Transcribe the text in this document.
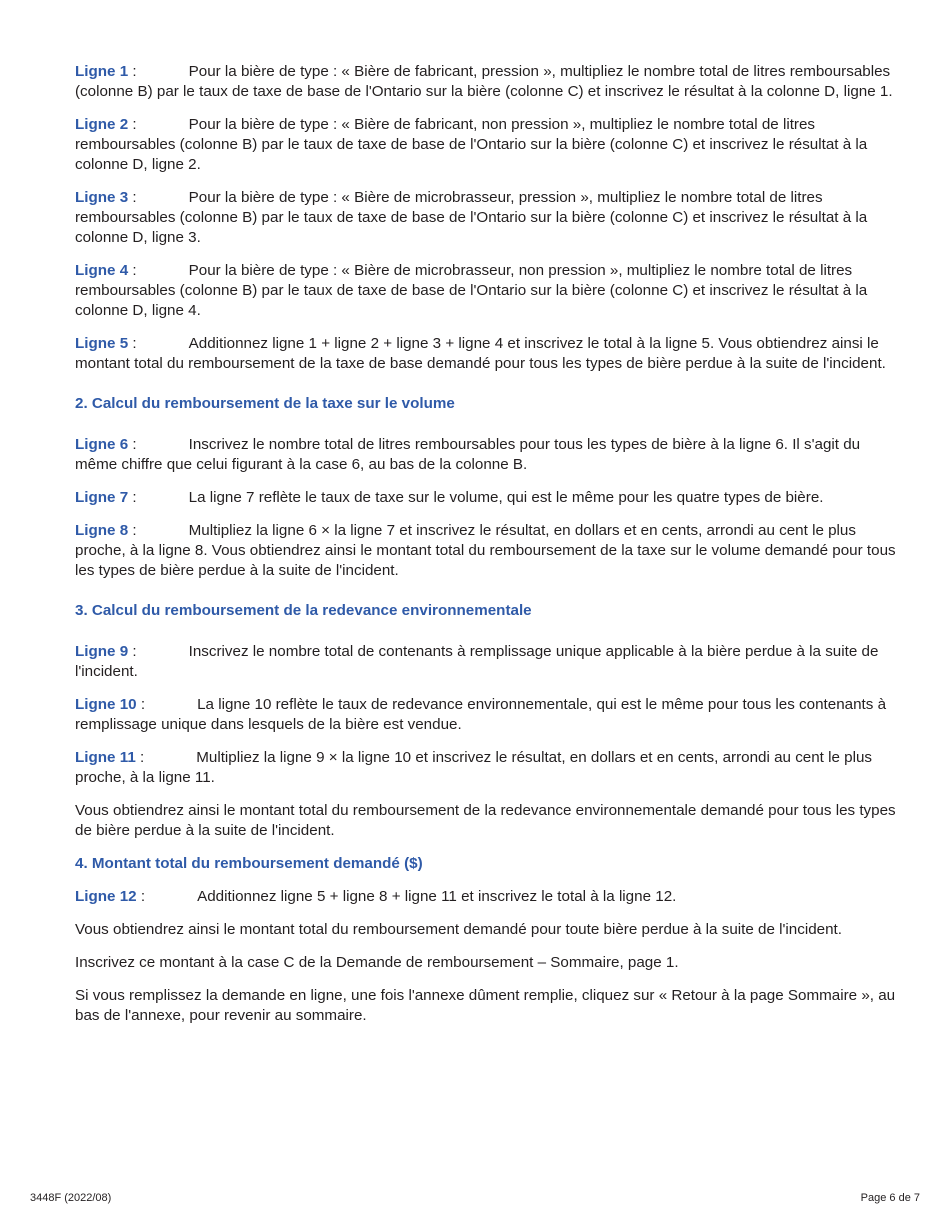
Ligne 1 :	Pour la bière de type : « Bière de fabricant, pression », multipliez le nombre total de litres remboursables (colonne B) par le taux de taxe de base de l'Ontario sur la bière (colonne C) et inscrivez le résultat à la colonne D, ligne 1.

Ligne 2 :	Pour la bière de type : « Bière de fabricant, non pression », multipliez le nombre total de litres remboursables (colonne B) par le taux de taxe de base de l'Ontario sur la bière (colonne C) et inscrivez le résultat à la colonne D, ligne 2.

Ligne 3 :	Pour la bière de type : « Bière de microbrasseur, pression », multipliez le nombre total de litres remboursables (colonne B) par le taux de taxe de base de l'Ontario sur la bière (colonne C) et inscrivez le résultat à la colonne D, ligne 3.

Ligne 4 :	Pour la bière de type : « Bière de microbrasseur, non pression », multipliez le nombre total de litres remboursables (colonne B) par le taux de taxe de base de l'Ontario sur la bière (colonne C) et inscrivez le résultat à la colonne D, ligne 4.

Ligne 5 :	Additionnez ligne 1 + ligne 2 + ligne 3 + ligne 4 et inscrivez le total à la ligne 5. Vous obtiendrez ainsi le montant total du remboursement de la taxe de base demandé pour tous les types de bière perdue à la suite de l'incident.

2. Calcul du remboursement de la taxe sur le volume

Ligne 6 :	Inscrivez le nombre total de litres remboursables pour tous les types de bière à la ligne 6. Il s'agit du même chiffre que celui figurant à la case 6, au bas de la colonne B.

Ligne 7 :	La ligne 7 reflète le taux de taxe sur le volume, qui est le même pour les quatre types de bière.

Ligne 8 :	Multipliez la ligne 6 × la ligne 7 et inscrivez le résultat, en dollars et en cents, arrondi au cent le plus proche, à la ligne 8. Vous obtiendrez ainsi le montant total du remboursement de la taxe sur le volume demandé pour tous les types de bière perdue à la suite de l'incident.

3. Calcul du remboursement de la redevance environnementale

Ligne 9 :	Inscrivez le nombre total de contenants à remplissage unique applicable à la bière perdue à la suite de l'incident.

Ligne 10 :	La ligne 10 reflète le taux de redevance environnementale, qui est le même pour tous les contenants à remplissage unique dans lesquels de la bière est vendue.

Ligne 11 :	Multipliez la ligne 9 × la ligne 10 et inscrivez le résultat, en dollars et en cents, arrondi au cent le plus proche, à la ligne 11.

Vous obtiendrez ainsi le montant total du remboursement de la redevance environnementale demandé pour tous les types de bière perdue à la suite de l'incident.

4. Montant total du remboursement demandé ($)

Ligne 12 :	Additionnez ligne 5 + ligne 8 + ligne 11 et inscrivez le total à la ligne 12.

Vous obtiendrez ainsi le montant total du remboursement demandé pour toute bière perdue à la suite de l'incident.

Inscrivez ce montant à la case C de la Demande de remboursement – Sommaire, page 1.

Si vous remplissez la demande en ligne, une fois l'annexe dûment remplie, cliquez sur « Retour à la page Sommaire », au bas de l'annexe, pour revenir au sommaire.

3448F (2022/08)	Page 6 de 7
